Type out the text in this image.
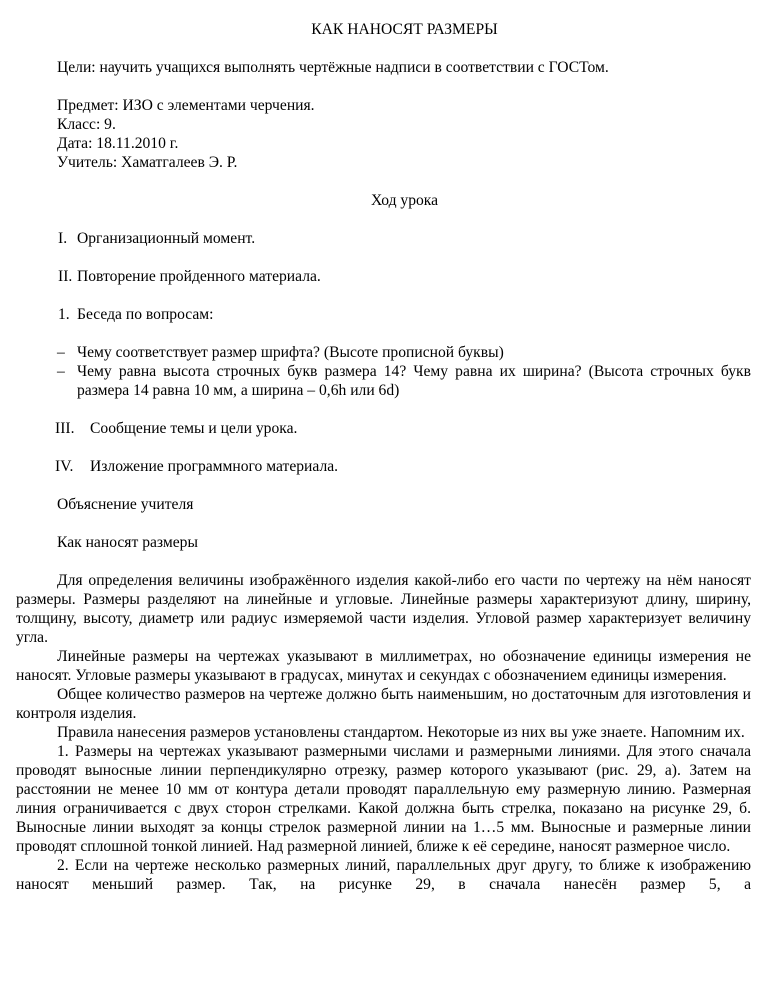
КАК НАНОСЯТ РАЗМЕРЫ

Цели: научить учащихся выполнять чертёжные надписи в соответствии с ГОСТом.

Предмет: ИЗО с элементами черчения.

Класс: 9.

Дата: 18.11.2010 г.

Учитель: Хаматгалеев Э. Р.

Ход урока
I. Организационный момент.
II. Повторение пройденного материала.
1. Беседа по вопросам:
– Чему соответствует размер шрифта? (Высоте прописной буквы)
– Чему равна высота строчных букв размера 14? Чему равна их ширина? (Высота строчных букв размера 14 равна 10 мм, а ширина – 0,6h или 6d)
III. Сообщение темы и цели урока.
IV.	Изложение программного материала.

Объяснение учителя

Как наносят размеры

Для определения величины изображённого изделия какой-либо его части по чертежу на нём наносят размеры. Размеры разделяют на линейные и угловые. Линейные размеры характеризуют длину, ширину, толщину, высоту, диаметр или радиус измеряемой части изделия. Угловой размер характеризует величину угла.

Линейные размеры на чертежах указывают в миллиметрах, но обозначение единицы измерения не наносят. Угловые размеры указывают в градусах, минутах и секундах с обозначением единицы измерения.

Общее количество размеров на чертеже должно быть наименьшим, но достаточным для изготовления и контроля изделия.

Правила нанесения размеров установлены стандартом. Некоторые из них вы уже знаете. Напомним их.

1. Размеры на чертежах указывают размерными числами и размерными линиями. Для этого сначала проводят выносные линии перпендикулярно отрезку, размер которого указывают (рис. 29, а). Затем на расстоянии не менее 10 мм от контура детали проводят параллельную ему размерную линию. Размерная линия ограничивается с двух сторон стрелками. Какой должна быть стрелка, показано на рисунке 29, б. Выносные линии выходят за концы стрелок размерной линии на 1…5 мм. Выносные и размерные линии проводят сплошной тонкой линией. Над размерной линией, ближе к её середине, наносят размерное число.

2. Если на чертеже несколько размерных линий, параллельных друг другу, то ближе к изображению наносят меньший размер. Так, на рисунке 29, в сначала нанесён размер 5, а
